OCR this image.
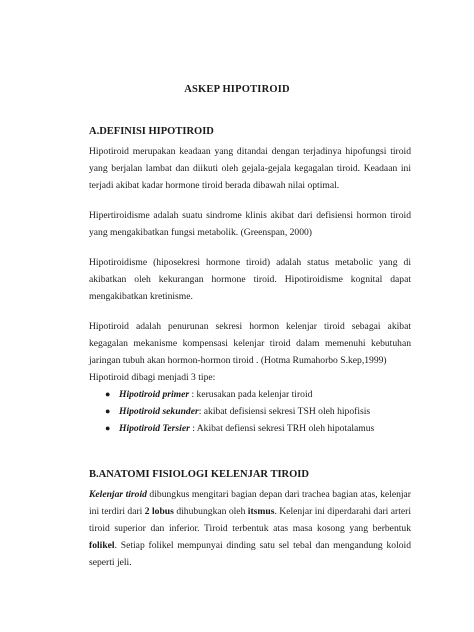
ASKEP HIPOTIROID
A.DEFINISI HIPOTIROID

Hipotiroid merupakan keadaan yang ditandai dengan terjadinya hipofungsi tiroid yang berjalan lambat dan diikuti oleh gejala-gejala kegagalan tiroid. Keadaan ini terjadi akibat kadar hormone tiroid berada dibawah nilai optimal.

Hipertiroidisme adalah suatu sindrome klinis akibat dari defisiensi hormon tiroid yang mengakibatkan fungsi metabolik. (Greenspan, 2000)

Hipotiroidisme (hiposekresi hormone tiroid) adalah status metabolic yang di akibatkan oleh kekurangan hormone tiroid. Hipotiroidisme kognital dapat mengakibatkan kretinisme.

Hipotiroid adalah penurunan sekresi hormon kelenjar tiroid sebagai akibat kegagalan mekanisme kompensasi kelenjar tiroid dalam memenuhi kebutuhan jaringan tubuh akan hormon-hormon tiroid . (Hotma Rumahorbo S.kep,1999)

Hipotiroid dibagi menjadi 3 tipe:

● Hipotiroid primer : kerusakan pada kelenjar tiroid
● Hipotiroid sekunder: akibat defisiensi sekresi TSH oleh hipofisis
● Hipotiroid Tersier : Akibat defiensi sekresi TRH oleh hipotalamus
B.ANATOMI FISIOLOGI KELENJAR TIROID

Kelenjar tiroid dibungkus mengitari bagian depan dari trachea bagian atas, kelenjar ini terdiri dari 2 lobus dihubungkan oleh itsmus. Kelenjar ini diperdarahi dari arteri tiroid superior dan inferior. Tiroid terbentuk atas masa kosong yang berbentuk folikel. Setiap folikel mempunyai dinding satu sel tebal dan mengandung koloid seperti jeli.
